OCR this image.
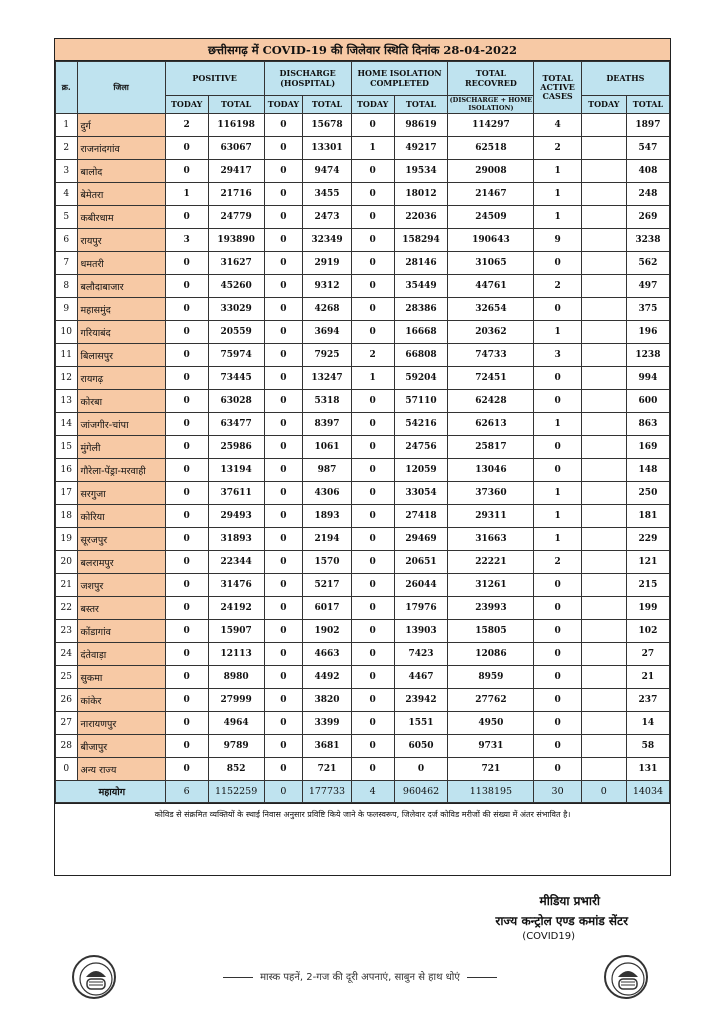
छत्तीसगढ़ में COVID-19 की जिलेवार स्थिति दिनांक 28-04-2022
क्र.	जिला	POSITIVE		DISCHARGE (HOSPITAL)		HOME ISOLATION COMPLETED		TOTAL RECOVRED	TOTAL ACTIVE CASES	DEATHS	
		TODAY	TOTAL	TODAY	TOTAL	TODAY	TOTAL	(DISCHARGE + HOME ISOLATION)		TODAY	TOTAL
1	दुर्ग	2	116198	0	15678	0	98619	114297	4		1897
2	राजनांदगांव	0	63067	0	13301	1	49217	62518	2		547
3	बालोद	0	29417	0	9474	0	19534	29008	1		408
4	बेमेतरा	1	21716	0	3455	0	18012	21467	1		248
5	कबीरधाम	0	24779	0	2473	0	22036	24509	1		269
6	रायपुर	3	193890	0	32349	0	158294	190643	9		3238
7	धमतरी	0	31627	0	2919	0	28146	31065	0		562
8	बलौदाबाजार	0	45260	0	9312	0	35449	44761	2		497
9	महासमुंद	0	33029	0	4268	0	28386	32654	0		375
10	गरियाबंद	0	20559	0	3694	0	16668	20362	1		196
11	बिलासपुर	0	75974	0	7925	2	66808	74733	3		1238
12	रायगढ़	0	73445	0	13247	1	59204	72451	0		994
13	कोरबा	0	63028	0	5318	0	57110	62428	0		600
14	जांजगीर-चांपा	0	63477	0	8397	0	54216	62613	1		863
15	मुंगेली	0	25986	0	1061	0	24756	25817	0		169
16	गौरेला-पेंड्रा-मरवाही	0	13194	0	987	0	12059	13046	0		148
17	सरगुजा	0	37611	0	4306	0	33054	37360	1		250
18	कोरिया	0	29493	0	1893	0	27418	29311	1		181
19	सूरजपुर	0	31893	0	2194	0	29469	31663	1		229
20	बलरामपुर	0	22344	0	1570	0	20651	22221	2		121
21	जशपुर	0	31476	0	5217	0	26044	31261	0		215
22	बस्तर	0	24192	0	6017	0	17976	23993	0		199
23	कोंडागांव	0	15907	0	1902	0	13903	15805	0		102
24	दंतेवाड़ा	0	12113	0	4663	0	7423	12086	0		27
25	सुकमा	0	8980	0	4492	0	4467	8959	0		21
26	कांकेर	0	27999	0	3820	0	23942	27762	0		237
27	नारायणपुर	0	4964	0	3399	0	1551	4950	0		14
28	बीजापुर	0	9789	0	3681	0	6050	9731	0		58
0	अन्य राज्य	0	852	0	721	0	0	721	0		131
महायोग		6	1152259	0	177733	4	960462	1138195	30	0	14034
कोविड से संक्रमित व्यक्तियों के स्थाई निवास अनुसार प्रविष्टि किये जाने के फलस्वरूप, जिलेवार दर्ज कोविड मरीजों की संख्या में अंतर संभावित है।
मीडिया प्रभारी
राज्य कन्ट्रोल एण्ड कमांड सेंटर
(COVID19)
मास्क पहनें, 2-गज की दूरी अपनाएं, साबुन से हाथ धोएं
